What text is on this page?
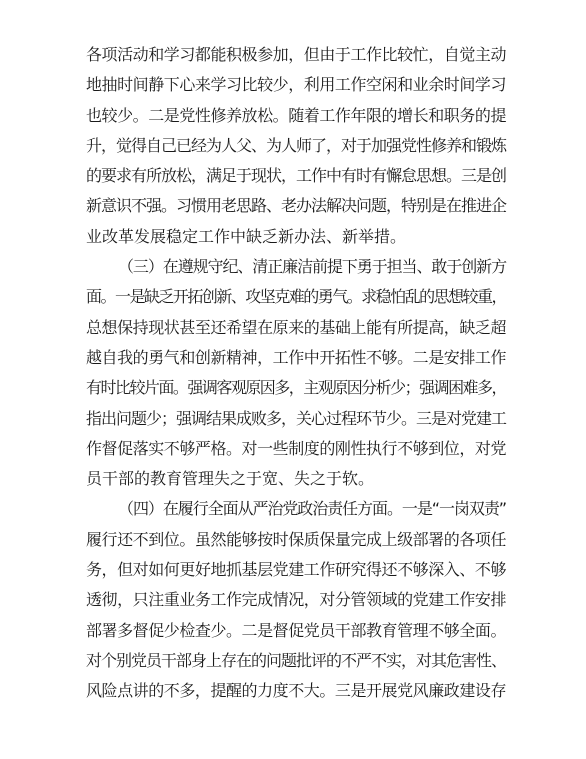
各项活动和学习都能积极参加，但由于工作比较忙，自觉主动
地抽时间静下心来学习比较少，利用工作空闲和业余时间学习
也较少。二是党性修养放松。随着工作年限的增长和职务的提
升，觉得自己已经为人父、为人师了，对于加强党性修养和锻炼
的要求有所放松，满足于现状，工作中有时有懈怠思想。三是创
新意识不强。习惯用老思路、老办法解决问题，特别是在推进企
业改革发展稳定工作中缺乏新办法、新举措。
（三）在遵规守纪、清正廉洁前提下勇于担当、敢于创新方
面。一是缺乏开拓创新、攻坚克难的勇气。求稳怕乱的思想较重，
总想保持现状甚至还希望在原来的基础上能有所提高，缺乏超
越自我的勇气和创新精神，工作中开拓性不够。二是安排工作
有时比较片面。强调客观原因多，主观原因分析少；强调困难多，
指出问题少；强调结果成败多，关心过程环节少。三是对党建工
作督促落实不够严格。对一些制度的刚性执行不够到位，对党
员干部的教育管理失之于宽、失之于软。
（四）在履行全面从严治党政治责任方面。一是“一岗双责”
履行还不到位。虽然能够按时保质保量完成上级部署的各项任
务，但对如何更好地抓基层党建工作研究得还不够深入、不够
透彻，只注重业务工作完成情况，对分管领域的党建工作安排
部署多督促少检查少。二是督促党员干部教育管理不够全面。
对个别党员干部身上存在的问题批评的不严不实，对其危害性、
风险点讲的不多，提醒的力度不大。三是开展党风廉政建设存
